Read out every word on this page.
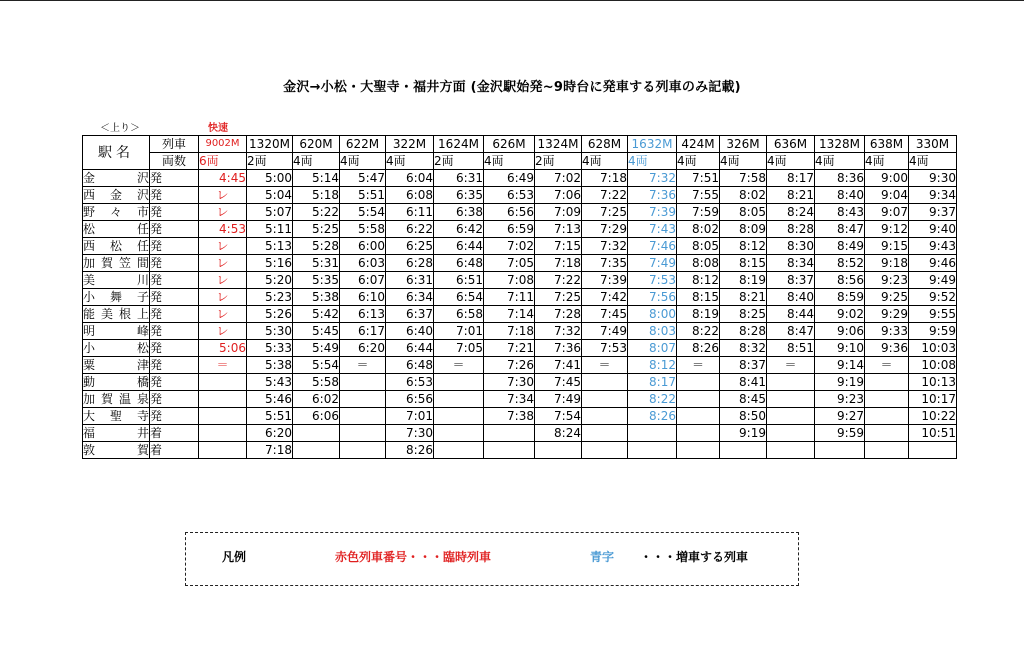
金沢→小松・大聖寺・福井方面 (金沢駅始発~9時台に発車する列車のみ記載)
＜上り＞	快速
駅名	列車	9002M	1320M	620M	622M	322M	1624M	626M	1324M	628M	1632M	424M	326M	636M	1328M	638M	330M
	両数	6両	2両	4両	4両	4両	2両	4両	2両	4両	4両	4両	4両	4両	4両	4両	4両
金沢	発	4:45	5:00	5:14	5:47	6:04	6:31	6:49	7:02	7:18	7:32	7:51	7:58	8:17	8:36	9:00	9:30
西金沢	発	レ	5:04	5:18	5:51	6:08	6:35	6:53	7:06	7:22	7:36	7:55	8:02	8:21	8:40	9:04	9:34
野々市	発	レ	5:07	5:22	5:54	6:11	6:38	6:56	7:09	7:25	7:39	7:59	8:05	8:24	8:43	9:07	9:37
松任	発	4:53	5:11	5:25	5:58	6:22	6:42	6:59	7:13	7:29	7:43	8:02	8:09	8:28	8:47	9:12	9:40
西松任	発	レ	5:13	5:28	6:00	6:25	6:44	7:02	7:15	7:32	7:46	8:05	8:12	8:30	8:49	9:15	9:43
加賀笠間	発	レ	5:16	5:31	6:03	6:28	6:48	7:05	7:18	7:35	7:49	8:08	8:15	8:34	8:52	9:18	9:46
美川	発	レ	5:20	5:35	6:07	6:31	6:51	7:08	7:22	7:39	7:53	8:12	8:19	8:37	8:56	9:23	9:49
小舞子	発	レ	5:23	5:38	6:10	6:34	6:54	7:11	7:25	7:42	7:56	8:15	8:21	8:40	8:59	9:25	9:52
能美根上	発	レ	5:26	5:42	6:13	6:37	6:58	7:14	7:28	7:45	8:00	8:19	8:25	8:44	9:02	9:29	9:55
明峰	発	レ	5:30	5:45	6:17	6:40	7:01	7:18	7:32	7:49	8:03	8:22	8:28	8:47	9:06	9:33	9:59
小松	発	5:06	5:33	5:49	6:20	6:44	7:05	7:21	7:36	7:53	8:07	8:26	8:32	8:51	9:10	9:36	10:03
粟津	発	＝	5:38	5:54	＝	6:48	＝	7:26	7:41	＝	8:12	＝	8:37	＝	9:14	＝	10:08
動橋	発		5:43	5:58		6:53		7:30	7:45		8:17		8:41		9:19		10:13
加賀温泉	発		5:46	6:02		6:56		7:34	7:49		8:22		8:45		9:23		10:17
大聖寺	発		5:51	6:06		7:01		7:38	7:54		8:26		8:50		9:27		10:22
福井	着		6:20			7:30			8:24				9:19		9:59		10:51
敦賀	着		7:18			8:26											
凡例	赤色列車番号・・・臨時列車	青字 ・・・増車する列車
